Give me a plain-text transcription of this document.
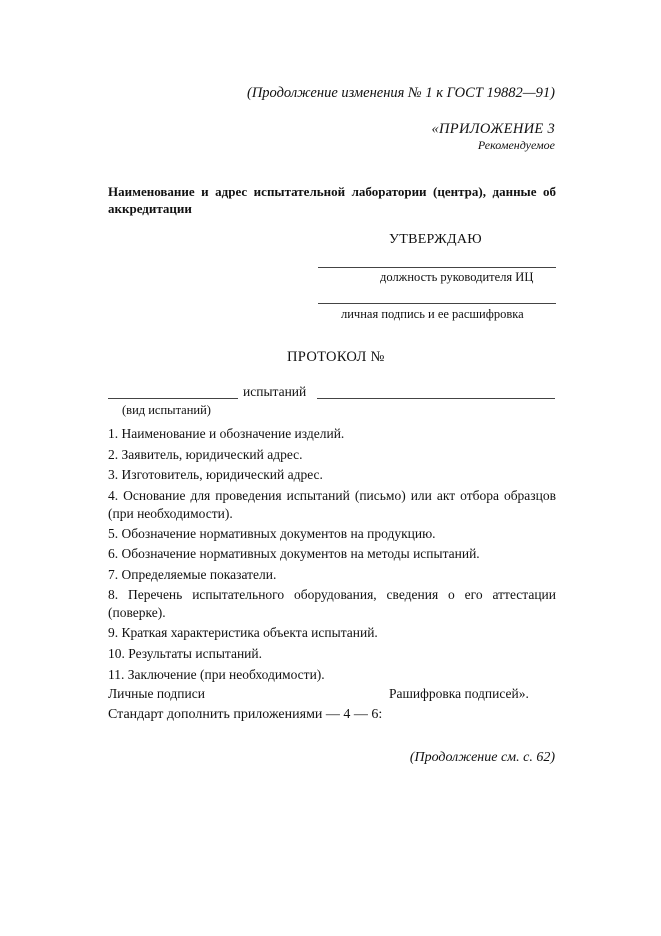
(Продолжение изменения № 1 к ГОСТ 19882—91)
«ПРИЛОЖЕНИЕ 3
Рекомендуемое
Наименование и адрес испытательной лаборатории (центра), данные об аккредитации
УТВЕРЖДАЮ
должность руководителя ИЦ
личная подпись и ее расшифровка
ПРОТОКОЛ №
испытаний
(вид испытаний)
1. Наименование и обозначение изделий.
2. Заявитель, юридический адрес.
3. Изготовитель, юридический адрес.
4. Основание для проведения испытаний (письмо) или акт отбора образцов (при необходимости).
5. Обозначение нормативных документов на продукцию.
6. Обозначение нормативных документов на методы испытаний.
7. Определяемые показатели.
8. Перечень испытательного оборудования, сведения о его аттестации (поверке).
9. Краткая характеристика объекта испытаний.
10. Результаты испытаний.
11. Заключение (при необходимости).
Личные подписи	Рашифровка подписей».
Стандарт дополнить приложениями — 4 — 6:
(Продолжение см. с. 62)
